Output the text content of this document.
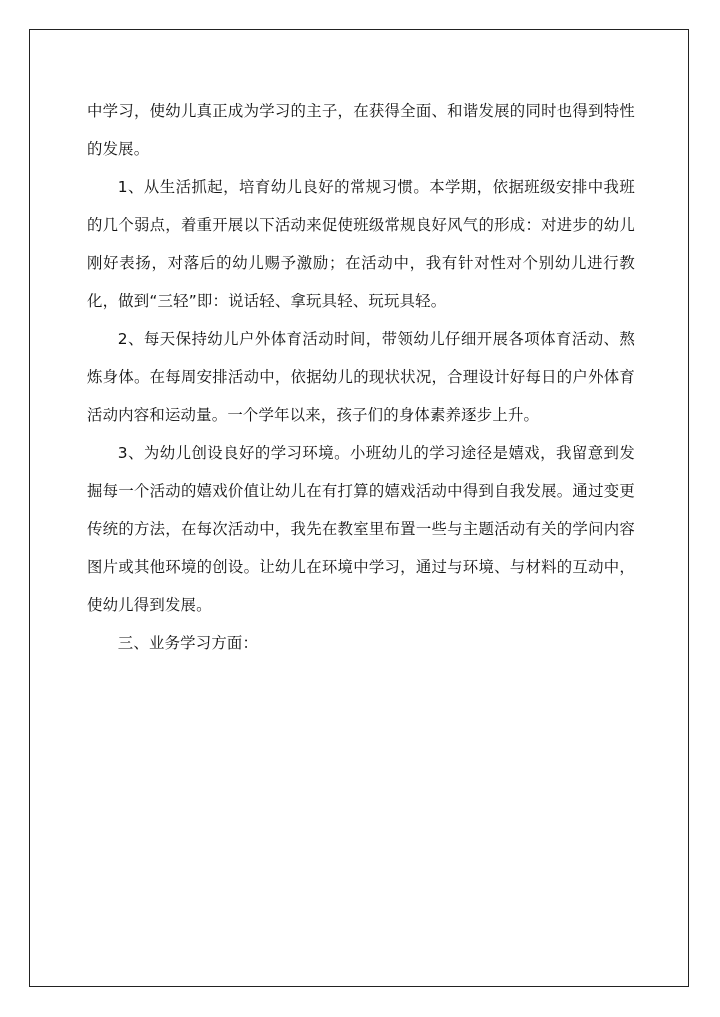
中学习，使幼儿真正成为学习的主子，在获得全面、和谐发展的同时也得到特性的发展。

1、从生活抓起，培育幼儿良好的常规习惯。本学期，依据班级安排中我班的几个弱点，着重开展以下活动来促使班级常规良好风气的形成：对进步的幼儿刚好表扬，对落后的幼儿赐予激励；在活动中，我有针对性对个别幼儿进行教化，做到“三轻”即：说话轻、拿玩具轻、玩玩具轻。

2、每天保持幼儿户外体育活动时间，带领幼儿仔细开展各项体育活动、熬炼身体。在每周安排活动中，依据幼儿的现状状况，合理设计好每日的户外体育活动内容和运动量。一个学年以来，孩子们的身体素养逐步上升。

3、为幼儿创设良好的学习环境。小班幼儿的学习途径是嬉戏，我留意到发掘每一个活动的嬉戏价值让幼儿在有打算的嬉戏活动中得到自我发展。通过变更传统的方法，在每次活动中，我先在教室里布置一些与主题活动有关的学问内容图片或其他环境的创设。让幼儿在环境中学习，通过与环境、与材料的互动中，使幼儿得到发展。

三、业务学习方面：
